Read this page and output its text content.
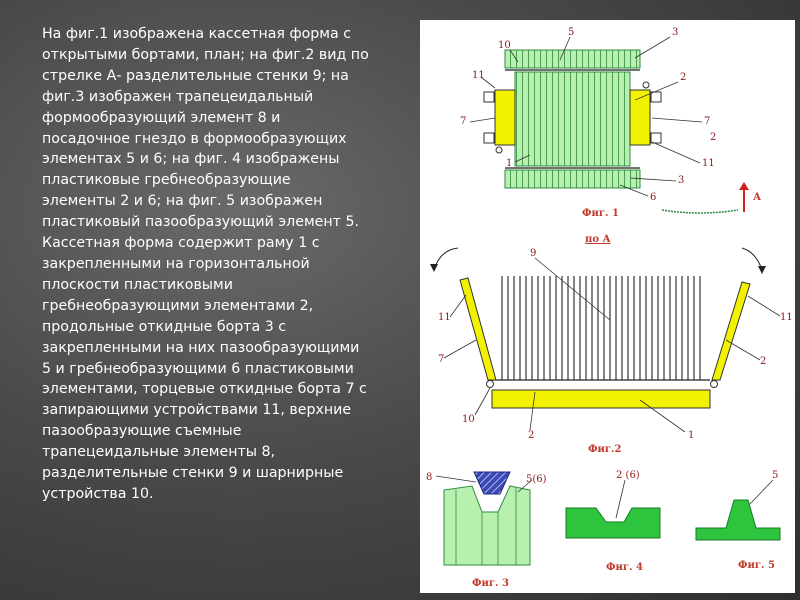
На фиг.1 изображена кассетная форма с
открытыми бортами, план; на фиг.2 вид по
стрелке А- разделительные стенки 9; на
фиг.3 изображен трапецеидальный
формообразующий элемент 8 и
посадочное гнездо в формообразующих
элементах 5 и 6; на фиг. 4 изображены
пластиковые гребнеобразующие
элементы 2 и 6; на фиг. 5 изображен
пластиковый пазообразующий элемент 5.
Кассетная форма содержит раму 1 с
закрепленными на горизонтальной
плоскости пластиковыми
гребнеобразующими элементами 2,
продольные откидные борта 3 с
закрепленными на них пазообразующими
5 и гребнеобразующими 6 пластиковыми
элементами, торцевые откидные борта 7 с
запирающими устройствами 11, верхние
пазообразующие съемные
трапецеидальные элементы 8,
разделительные стенки 9 и шарнирные
устройства 10.

10
5	3
11	2
7	7
2
1	11
3
6	А
Фиг. 1
по А
9
11	11
7	2
10
2	1
Фиг.2
8	5(6)
Фиг. 3
2 (6)
Фиг. 4
5
Фиг. 5
